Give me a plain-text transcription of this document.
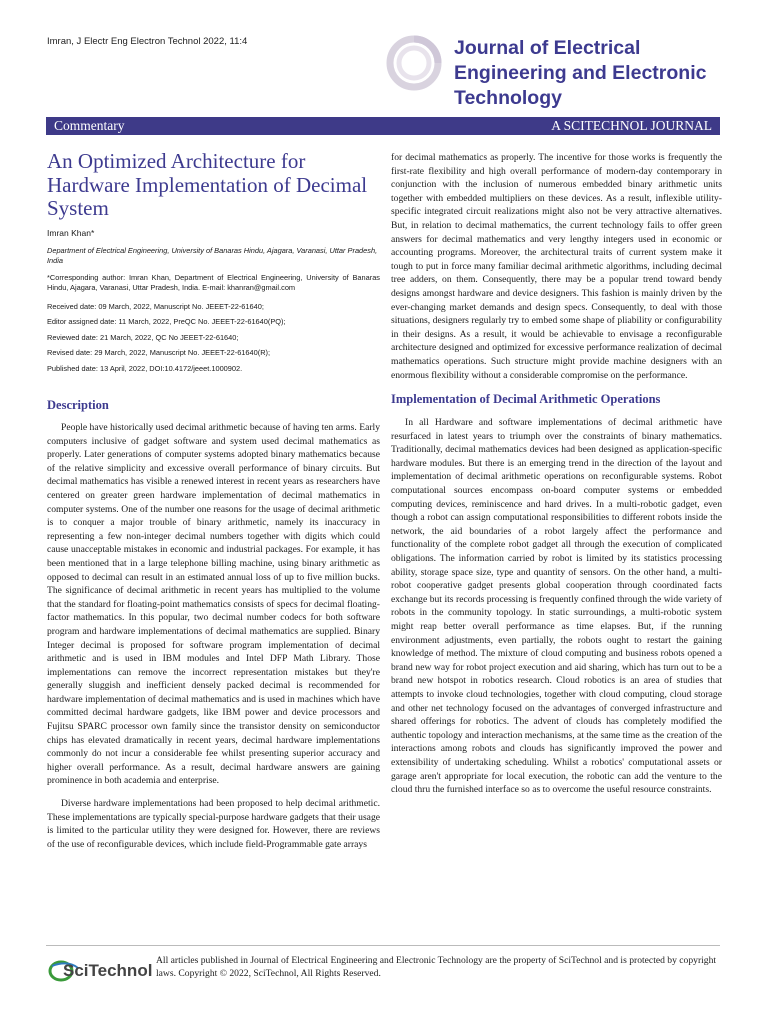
Imran, J Electr Eng Electron Technol 2022, 11:4	Journal of Electrical Engineering and Electronic Technology
Commentary	A SCITECHNOL JOURNAL
An Optimized Architecture for Hardware Implementation of Decimal System
Imran Khan*
Department of Electrical Engineering, University of Banaras Hindu, Ajagara, Varanasi, Uttar Pradesh, India
*Corresponding author: Imran Khan, Department of Electrical Engineering, University of Banaras Hindu, Ajagara, Varanasi, Uttar Pradesh, India. E-mail: khanran@gmail.com
Received date: 09 March, 2022, Manuscript No. JEEET-22-61640;
Editor assigned date: 11 March, 2022, PreQC No. JEEET-22-61640(PQ);
Reviewed date: 21 March, 2022, QC No JEEET-22-61640;
Revised date: 29 March, 2022, Manuscript No. JEEET-22-61640(R);
Published date: 13 April, 2022, DOI:10.4172/jeeet.1000902.
Description

People have historically used decimal arithmetic because of having ten arms. Early computers inclusive of gadget software and system used decimal mathematics as properly. Later generations of computer systems adopted binary mathematics because of the relative simplicity and excessive overall performance of binary circuits. But decimal mathematics has visible a renewed interest in recent years as researchers have centered on greater green hardware implementation of decimal mathematics in computer systems. One of the number one reasons for the usage of decimal arithmetic is to conquer a major trouble of binary arithmetic, namely its inaccuracy in representing a few non-integer decimal numbers together with digits which could cause unacceptable mistakes in economic and industrial packages. For example, it has been mentioned that in a large telephone billing machine, using binary arithmetic as opposed to decimal can result in an estimated annual loss of up to five million bucks. The significance of decimal arithmetic in recent years has multiplied to the volume that the standard for floating-point mathematics consists of specs for decimal floating-factor mathematics. In this popular, two decimal number codecs for both software program and hardware implementations of decimal mathematics are supplied. Binary Integer decimal is proposed for software program implementation of decimal arithmetic and is used in IBM modules and Intel DFP Math Library. Those implementations can remove the incorrect representation mistakes but they're generally sluggish and inefficient densely packed decimal is recommended for hardware implementation of decimal mathematics and is used in machines which have committed decimal hardware gadgets, like IBM power and device processors and Fujitsu SPARC processor own family since the transistor density on semiconductor chips has elevated dramatically in recent years, decimal hardware implementations commonly do not incur a considerable fee whilst presenting superior accuracy and higher overall performance. As a result, decimal hardware answers are gaining prominence in both academia and enterprise.

Diverse hardware implementations had been proposed to help decimal arithmetic. These implementations are typically special-purpose hardware gadgets that their usage is limited to the particular utility they were designed for. However, there are reviews of the use of reconfigurable devices, which include field-Programmable gate arrays

for decimal mathematics as properly. The incentive for those works is frequently the first-rate flexibility and high overall performance of modern-day contemporary in conjunction with the inclusion of numerous embedded binary arithmetic units together with embedded multipliers on these devices. As a result, inflexible utility-specific integrated circuit realizations might also not be very attractive alternatives. But, in relation to decimal mathematics, the current technology fails to offer green answers for decimal mathematics and very lengthy integers used in economic or accounting programs. Moreover, the architectural traits of current system make it tough to put in force many familiar decimal arithmetic algorithms, including decimal tree adders, on them. Consequently, there may be a popular trend toward bendy designs amongst hardware and device designers. This fashion is mainly driven by the ever-changing market demands and design specs. Consequently, to deal with those situations, designers regularly try to embed some shape of pliability or configurability in their designs. As a result, it would be achievable to envisage a reconfigurable architecture designed and optimized for excessive performance realization of decimal mathematics operations. Such structure might provide machine designers with an enormous flexibility without a considerable compromise on the performance.

Implementation of Decimal Arithmetic Operations

In all Hardware and software implementations of decimal arithmetic have resurfaced in latest years to triumph over the constraints of binary mathematics. Traditionally, decimal mathematics devices had been designed as application-specific hardware modules. But there is an emerging trend in the direction of the layout and implementation of decimal arithmetic operations on reconfigurable systems. Robot computational sources encompass on-board computer systems or embedded computing devices, reminiscence and hard drives. In a multi-robotic gadget, even though a robot can assign computational responsibilities to different robots inside the network, the aid boundaries of a robot largely affect the performance and functionality of the complete robot gadget all through the execution of complicated obligations. The information carried by robot is limited by its statistics processing ability, storage space size, type and quantity of sensors. On the other hand, a multi-robot cooperative gadget presents global cooperation through coordinated facts exchange but its records processing is frequently confined through the wide variety of robots in the community topology. In static surroundings, a multi-robotic system might reap better overall performance as time elapses. But, if the running environment adjustments, even partially, the robots ought to restart the gaining knowledge of method. The mixture of cloud computing and business robots opened a brand new way for robot project execution and aid sharing, which has turn out to be a brand new hotspot in robotics research. Cloud robotics is an area of studies that attempts to invoke cloud technologies, together with cloud computing, cloud storage and other net technology focused on the advantages of converged infrastructure and shared offerings for robotics. The advent of clouds has completely modified the authentic topology and interaction mechanisms, at the same time as the creation of the interactions among robots and clouds has significantly improved the power and extensibility of undertaking scheduling. Whilst a robotics' computational assets or garage aren't appropriate for local execution, the robotic can add the venture to the cloud thru the furnished interface so as to overcome the useful resource constraints.

SciTechnol
All articles published in Journal of Electrical Engineering and Electronic Technology are the property of SciTechnol and is protected by copyright laws. Copyright © 2022, SciTechnol, All Rights Reserved.
